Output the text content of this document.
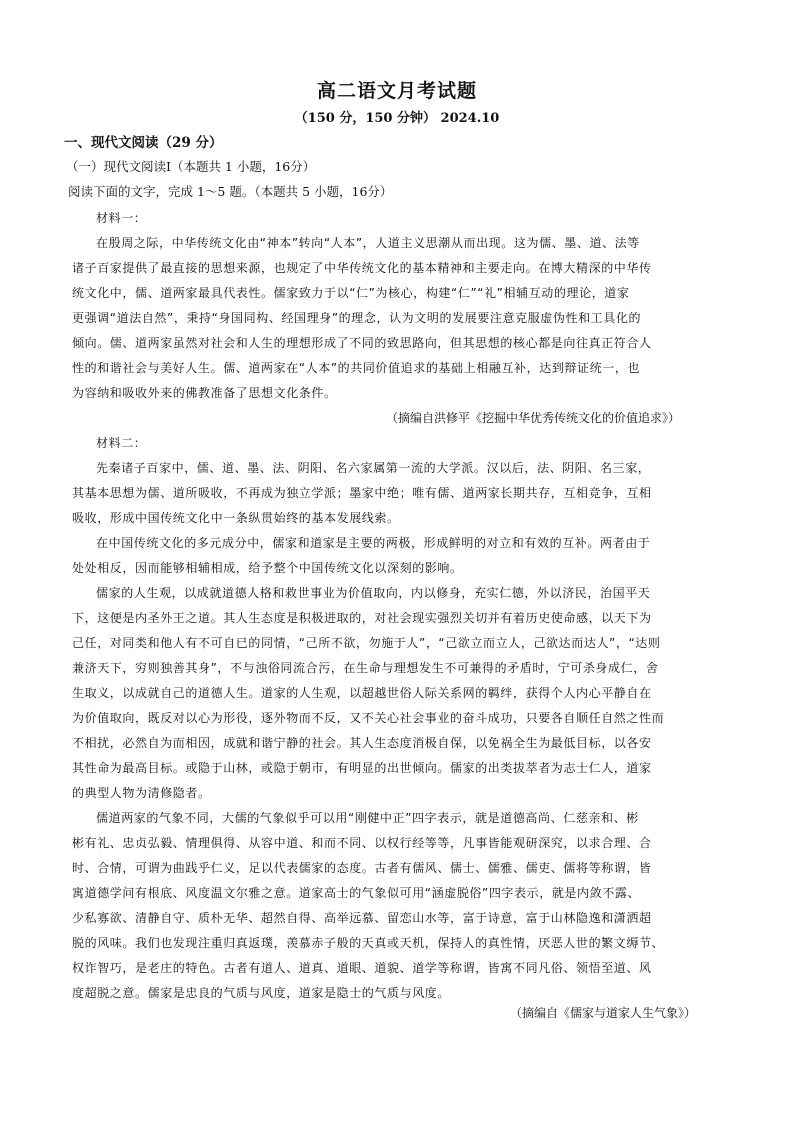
高二语文月考试题
（150 分，150 分钟） 2024.10
一、现代文阅读（29 分）
（一）现代文阅读Ⅰ（本题共 1 小题，16分）
阅读下面的文字，完成 1～5 题。（本题共 5 小题，16分）
材料一：
在殷周之际，中华传统文化由“神本”转向“人本”，人道主义思潮从而出现。这为儒、墨、道、法等
诸子百家提供了最直接的思想来源，也规定了中华传统文化的基本精神和主要走向。在博大精深的中华传
统文化中，儒、道两家最具代表性。儒家致力于以“仁”为核心，构建“仁”“礼”相辅互动的理论，道家
更强调“道法自然”，秉持“身国同构、经国理身”的理念，认为文明的发展要注意克服虚伪性和工具化的
倾向。儒、道两家虽然对社会和人生的理想形成了不同的致思路向，但其思想的核心都是向往真正符合人
性的和谐社会与美好人生。儒、道两家在“人本”的共同价值追求的基础上相融互补，达到辩证统一，也
为容纳和吸收外来的佛教准备了思想文化条件。
（摘编自洪修平《挖掘中华优秀传统文化的价值追求》）
材料二：
先秦诸子百家中，儒、道、墨、法、阴阳、名六家属第一流的大学派。汉以后，法、阴阳、名三家，
其基本思想为儒、道所吸收，不再成为独立学派；墨家中绝；唯有儒、道两家长期共存，互相竞争，互相
吸收，形成中国传统文化中一条纵贯始终的基本发展线索。
在中国传统文化的多元成分中，儒家和道家是主要的两极，形成鲜明的对立和有效的互补。两者由于
处处相反，因而能够相辅相成，给予整个中国传统文化以深刻的影响。
儒家的人生观，以成就道德人格和救世事业为价值取向，内以修身，充实仁德，外以济民，治国平天
下，这便是内圣外王之道。其人生态度是积极进取的，对社会现实强烈关切并有着历史使命感，以天下为
己任，对同类和他人有不可自已的同情，“己所不欲，勿施于人”，“己欲立而立人，己欲达而达人”，“达则
兼济天下，穷则独善其身”，不与浊俗同流合污，在生命与理想发生不可兼得的矛盾时，宁可杀身成仁，舍
生取义，以成就自己的道德人生。道家的人生观，以超越世俗人际关系网的羁绊，获得个人内心平静自在
为价值取向，既反对以心为形役，逐外物而不反，又不关心社会事业的奋斗成功，只要各自顺任自然之性而
不相扰，必然自为而相因，成就和谐宁静的社会。其人生态度消极自保，以免祸全生为最低目标，以各安
其性命为最高目标。或隐于山林，或隐于朝市，有明显的出世倾向。儒家的出类拔萃者为志士仁人，道家
的典型人物为清修隐者。
儒道两家的气象不同，大儒的气象似乎可以用“刚健中正”四字表示，就是道德高尚、仁慈亲和、彬
彬有礼、忠贞弘毅、情理俱得、从容中道、和而不同、以权行经等等，凡事皆能观研深究，以求合理、合
时、合情，可谓为曲践乎仁义，足以代表儒家的态度。古者有儒风、儒士、儒雅、儒吏、儒将等称谓，皆
寓道德学问有根底、风度温文尔雅之意。道家高士的气象似可用“涵虚脱俗”四字表示，就是内敛不露、
少私寡欲、清静自守、质朴无华、超然自得、高举远慕、留恋山水等，富于诗意，富于山林隐逸和潇洒超
脱的风味。我们也发现注重归真返璞，羡慕赤子般的天真或天机，保持人的真性情，厌恶人世的繁文缛节、
权诈智巧，是老庄的特色。古者有道人、道真、道眼、道貌、道学等称谓，皆寓不同凡俗、领悟至道、风
度超脱之意。儒家是忠良的气质与风度，道家是隐士的气质与风度。
（摘编自《儒家与道家人生气象》）
